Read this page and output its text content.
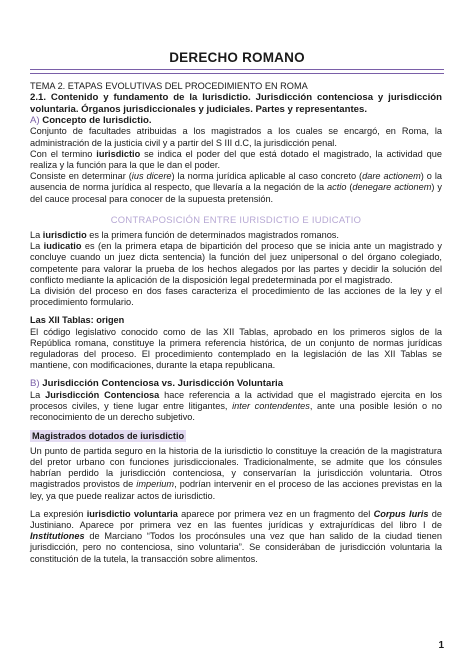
DERECHO ROMANO

TEMA 2. ETAPAS EVOLUTIVAS DEL PROCEDIMIENTO EN ROMA

2.1. Contenido y fundamento de la Iurisdictio. Jurisdicción contenciosa y jurisdicción voluntaria. Órganos jurisdiccionales y judiciales. Partes y representantes.

A) Concepto de Iurisdictio.

Conjunto de facultades atribuidas a los magistrados a los cuales se encargó, en Roma, la administración de la justicia civil y a partir del S III d.C, la jurisdicción penal.

Con el termino iurisdictio se indica el poder del que está dotado el magistrado, la actividad que realiza y la función para la que le dan el poder.

Consiste en determinar (ius dicere) la norma jurídica aplicable al caso concreto (dare actionem) o la ausencia de norma jurídica al respecto, que llevaría a la negación de la actio (denegare actionem) y del cauce procesal para conocer de la supuesta pretensión.

CONTRAPOSICIÓN ENTRE IURISDICTIO E IUDICATIO

La iurisdictio es la primera función de determinados magistrados romanos.

La iudicatio es (en la primera etapa de bipartición del proceso que se inicia ante un magistrado y concluye cuando un juez dicta sentencia) la función del juez unipersonal o del órgano colegiado, competente para valorar la prueba de los hechos alegados por las partes y decidir la solución del conflicto mediante la aplicación de la disposición legal predeterminada por el magistrado.

La división del proceso en dos fases caracteriza el procedimiento de las acciones de la ley y el procedimiento formulario.

Las XII Tablas: origen

El código legislativo conocido como de las XII Tablas, aprobado en los primeros siglos de la República romana, constituye la primera referencia histórica, de un conjunto de normas jurídicas reguladoras del proceso. El procedimiento contemplado en la legislación de las XII Tablas se mantiene, con modificaciones, durante la etapa republicana.

B) Jurisdicción Contenciosa vs. Jurisdicción Voluntaria

La Jurisdicción Contenciosa hace referencia a la actividad que el magistrado ejercita en los procesos civiles, y tiene lugar entre litigantes, inter contendentes, ante una posible lesión o no reconocimiento de un derecho subjetivo.

Magistrados dotados de iurisdictio

Un punto de partida seguro en la historia de la iurisdictio lo constituye la creación de la magistratura del pretor urbano con funciones jurisdiccionales. Tradicionalmente, se admite que los cónsules habrían perdido la jurisdicción contenciosa, y conservarían la jurisdicción voluntaria. Otros magistrados provistos de imperium, podrían intervenir en el proceso de las acciones previstas en la ley, ya que puede realizar actos de iurisdictio.

La expresión iurisdictio voluntaria aparece por primera vez en un fragmento del Corpus Iuris de Justiniano. Aparece por primera vez en las fuentes jurídicas y extrajurídicas del libro I de Institutiones de Marciano “Todos los procónsules una vez que han salido de la ciudad tienen jurisdicción, pero no contenciosa, sino voluntaria”. Se considerában de jurisdicción voluntaria la constitución de la tutela, la transacción sobre alimentos.

1
